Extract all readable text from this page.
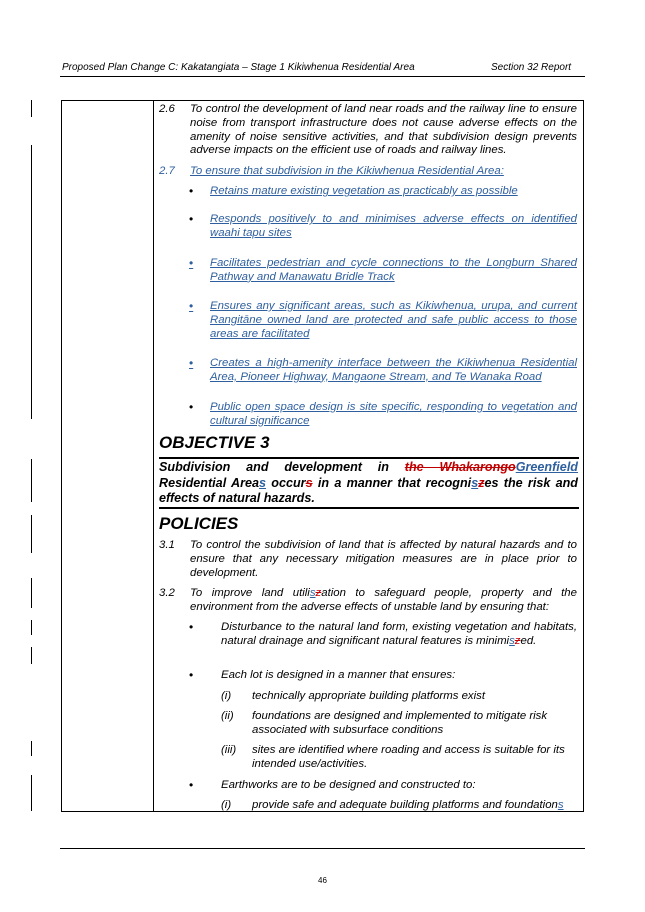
Proposed Plan Change C: Kakatangiata – Stage 1 Kikiwhenua Residential Area	Section 32 Report
2.6 To control the development of land near roads and the railway line to ensure noise from transport infrastructure does not cause adverse effects on the amenity of noise sensitive activities, and that subdivision design prevents adverse impacts on the efficient use of roads and railway lines.
2.7 To ensure that subdivision in the Kikiwhenua Residential Area:
• Retains mature existing vegetation as practicably as possible
• Responds positively to and minimises adverse effects on identified waahi tapu sites
• Facilitates pedestrian and cycle connections to the Longburn Shared Pathway and Manawatu Bridle Track
• Ensures any significant areas, such as Kikiwhenua, urupa, and current Rangitāne owned land are protected and safe public access to those areas are facilitated
• Creates a high-amenity interface between the Kikiwhenua Residential Area, Pioneer Highway, Mangaone Stream, and Te Wanaka Road
• Public open space design is site specific, responding to vegetation and cultural significance
OBJECTIVE 3
Subdivision and development in the WhakarongoGreenfield Residential Areas occurs in a manner that recogniszes the risk and effects of natural hazards.
POLICIES
3.1 To control the subdivision of land that is affected by natural hazards and to ensure that any necessary mitigation measures are in place prior to development.
3.2 To improve land utiliszation to safeguard people, property and the environment from the adverse effects of unstable land by ensuring that:
• Disturbance to the natural land form, existing vegetation and habitats, natural drainage and significant natural features is minimiszed.
• Each lot is designed in a manner that ensures:
(i) technically appropriate building platforms exist
(ii) foundations are designed and implemented to mitigate risk associated with subsurface conditions
(iii) sites are identified where roading and access is suitable for its intended use/activities.
• Earthworks are to be designed and constructed to:
(i) provide safe and adequate building platforms and foundations
46
